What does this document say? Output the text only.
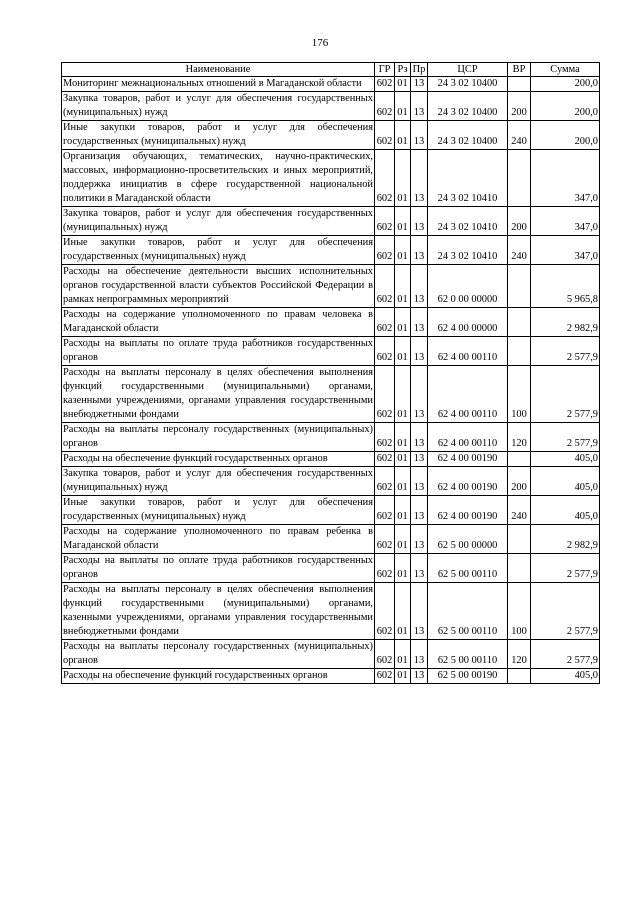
176
Наименование	ГР	Рз	Пр	ЦСР	ВР	Сумма
Мониторинг межнациональных отношений в Магаданской области	602	01	13	24 3 02 10400		200,0
Закупка товаров, работ и услуг для обеспечения государственных (муниципальных) нужд	602	01	13	24 3 02 10400	200	200,0
Иные закупки товаров, работ и услуг для обеспечения государственных (муниципальных) нужд	602	01	13	24 3 02 10400	240	200,0
Организация обучающих, тематических, научно-практических, массовых, информационно-просветительских и иных мероприятий, поддержка инициатив в сфере государственной национальной политики в Магаданской области	602	01	13	24 3 02 10410		347,0
Закупка товаров, работ и услуг для обеспечения государственных (муниципальных) нужд	602	01	13	24 3 02 10410	200	347,0
Иные закупки товаров, работ и услуг для обеспечения государственных (муниципальных) нужд	602	01	13	24 3 02 10410	240	347,0
Расходы на обеспечение деятельности высших исполнительных органов государственной власти субъектов Российской Федерации в рамках непрограммных мероприятий	602	01	13	62 0 00 00000		5 965,8
Расходы на содержание уполномоченного по правам человека в Магаданской области	602	01	13	62 4 00 00000		2 982,9
Расходы на выплаты по оплате труда работников государственных органов	602	01	13	62 4 00 00110		2 577,9
Расходы на выплаты персоналу в целях обеспечения выполнения функций государственными (муниципальными) органами, казенными учреждениями, органами управления государственными внебюджетными фондами	602	01	13	62 4 00 00110	100	2 577,9
Расходы на выплаты персоналу государственных (муниципальных) органов	602	01	13	62 4 00 00110	120	2 577,9
Расходы на обеспечение функций государственных органов	602	01	13	62 4 00 00190		405,0
Закупка товаров, работ и услуг для обеспечения государственных (муниципальных) нужд	602	01	13	62 4 00 00190	200	405,0
Иные закупки товаров, работ и услуг для обеспечения государственных (муниципальных) нужд	602	01	13	62 4 00 00190	240	405,0
Расходы на содержание уполномоченного по правам ребенка в Магаданской области	602	01	13	62 5 00 00000		2 982,9
Расходы на выплаты по оплате труда работников государственных органов	602	01	13	62 5 00 00110		2 577,9
Расходы на выплаты персоналу в целях обеспечения выполнения функций государственными (муниципальными) органами, казенными учреждениями, органами управления государственными внебюджетными фондами	602	01	13	62 5 00 00110	100	2 577,9
Расходы на выплаты персоналу государственных (муниципальных) органов	602	01	13	62 5 00 00110	120	2 577,9
Расходы на обеспечение функций государственных органов	602	01	13	62 5 00 00190		405,0
